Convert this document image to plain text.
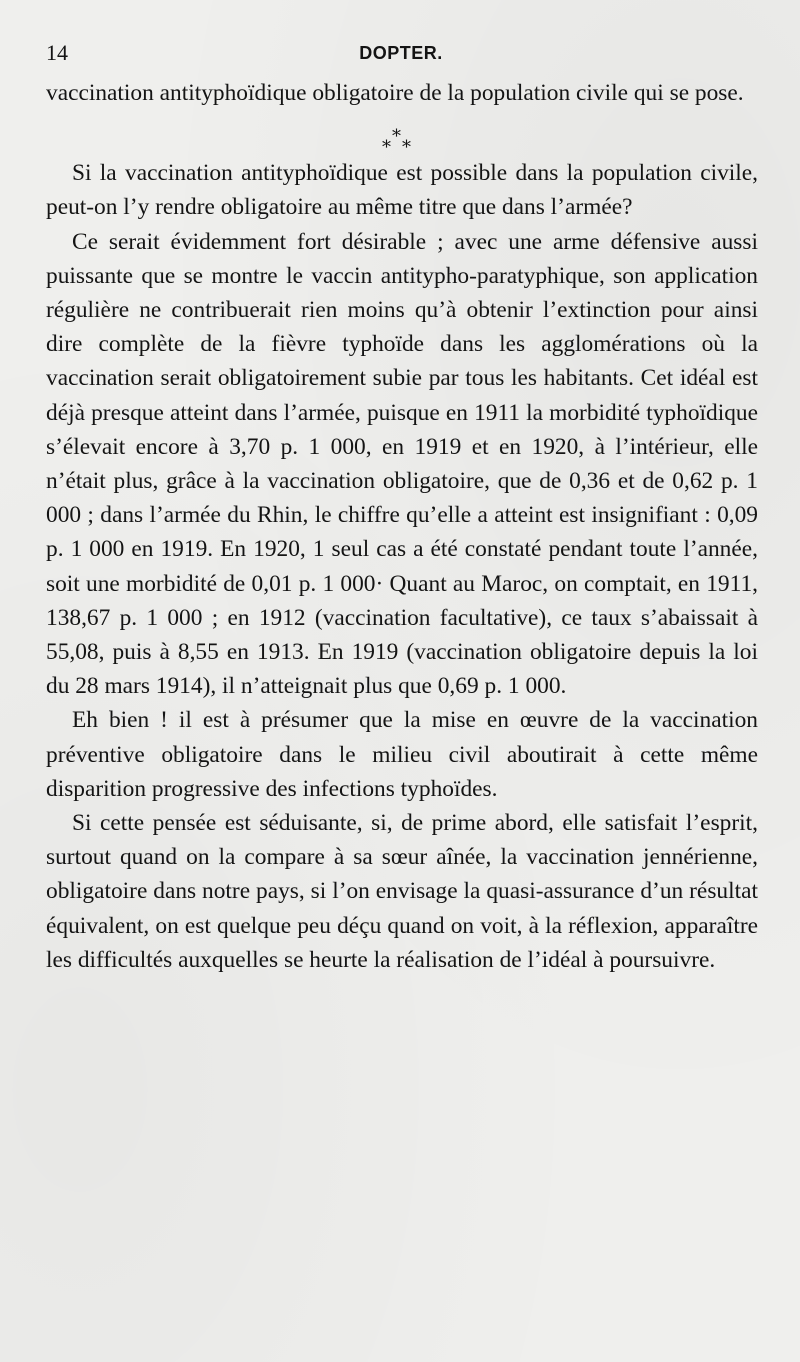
14	DOPTER.

vaccination antityphoïdique obligatoire de la population civile qui se pose.

*
* *

Si la vaccination antityphoïdique est possible dans la population civile, peut-on l’y rendre obligatoire au même titre que dans l’armée?

Ce serait évidemment fort désirable ; avec une arme défensive aussi puissante que se montre le vaccin antitypho-paratyphique, son application régulière ne contribuerait rien moins qu’à obtenir l’extinction pour ainsi dire complète de la fièvre typhoïde dans les agglomérations où la vaccination serait obligatoirement subie par tous les habitants. Cet idéal est déjà presque atteint dans l’armée, puisque en 1911 la morbidité typhoïdique s’élevait encore à 3,70 p. 1 000, en 1919 et en 1920, à l’intérieur, elle n’était plus, grâce à la vaccination obligatoire, que de 0,36 et de 0,62 p. 1 000 ; dans l’armée du Rhin, le chiffre qu’elle a atteint est insignifiant : 0,09 p. 1 000 en 1919. En 1920, 1 seul cas a été constaté pendant toute l’année, soit une morbidité de 0,01 p. 1 000· Quant au Maroc, on comptait, en 1911, 138,67 p. 1 000 ; en 1912 (vaccination facultative), ce taux s’abaissait à 55,08, puis à 8,55 en 1913. En 1919 (vaccination obligatoire depuis la loi du 28 mars 1914), il n’atteignait plus que 0,69 p. 1 000.

Eh bien ! il est à présumer que la mise en œuvre de la vaccination préventive obligatoire dans le milieu civil aboutirait à cette même disparition progressive des infections typhoïdes.

Si cette pensée est séduisante, si, de prime abord, elle satisfait l’esprit, surtout quand on la compare à sa sœur aînée, la vaccination jennérienne, obligatoire dans notre pays, si l’on envisage la quasi-assurance d’un résultat équivalent, on est quelque peu déçu quand on voit, à la réflexion, apparaître les difficultés auxquelles se heurte la réalisation de l’idéal à poursuivre.
